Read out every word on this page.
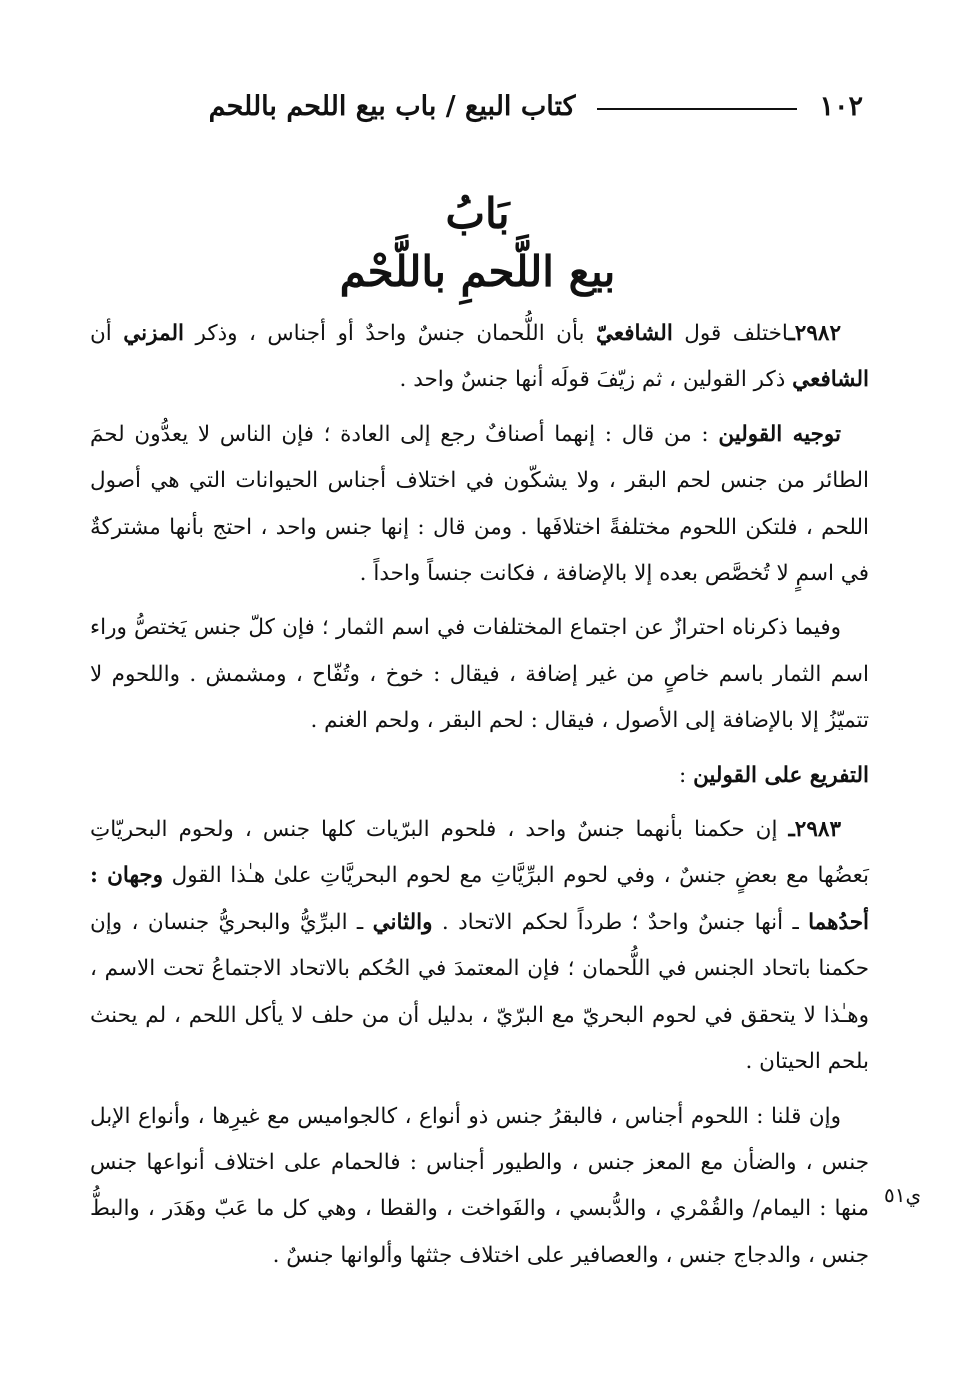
١٠٢
كتاب البيع / باب بيع اللحم باللحم
بَابُ
بيع اللَّحمِ باللَّحْم

٢٩٨٢ـاختلف قول الشافعيّ بأن اللُّحمان جنسٌ واحدٌ أو أجناس ، وذكر المزني أن الشافعي ذكر القولين ، ثم زيّفَ قولَه أنها جنسٌ واحد .

توجيه القولين : من قال : إنهما أصنافٌ رجع إلى العادة ؛ فإن الناس لا يعدُّون لحمَ الطائر من جنس لحم البقر ، ولا يشكّون في اختلاف أجناس الحيوانات التي هي أصول اللحم ، فلتكن اللحوم مختلفةً اختلافَها . ومن قال : إنها جنس واحد ، احتج بأنها مشتركةٌ في اسمٍ لا تُخصَّص بعده إلا بالإضافة ، فكانت جنساً واحداً .

وفيما ذكرناه احترازٌ عن اجتماع المختلفات في اسم الثمار ؛ فإن كلّ جنس يَختصُّ وراء اسم الثمار باسم خاصٍ من غير إضافة ، فيقال : خوخ ، وتُفّاح ، ومشمش . واللحوم لا تتميّزُ إلا بالإضافة إلى الأصول ، فيقال : لحم البقر ، ولحم الغنم .

التفريع على القولين :

٢٩٨٣ـ إن حكمنا بأنهما جنسٌ واحد ، فلحوم البرّيات كلها جنس ، ولحوم البحريّاتِ بَعضُها مع بعضٍ جنسٌ ، وفي لحوم البرِّيَّاتِ مع لحوم البحريَّاتِ علىٰ هـٰذا القول وجهان : أحدُهما ـ أنها جنسٌ واحدٌ ؛ طرداً لحكم الاتحاد . والثاني ـ البرِّيُّ والبحريُّ جنسان ، وإن حكمنا باتحاد الجنس في اللُّحمان ؛ فإن المعتمدَ في الحُكم بالاتحاد الاجتماعُ تحت الاسم ، وهـٰذا لا يتحقق في لحوم البحريّ مع البرّيّ ، بدليل أن من حلف لا يأكل اللحم ، لم يحنث بلحم الحيتان .

وإن قلنا : اللحوم أجناس ، فالبقرُ جنس ذو أنواع ، كالجواميس مع غيرِها ، وأنواع الإبل جنس ، والضأن مع المعز جنس ، والطيور أجناس : فالحمام على اختلاف أنواعها جنس منها : اليمام/ والقُمْري ، والدُّبسي ، والفَواخت ، والقطا ، وهي كل ما عَبّ وهَدَر ، والبطُّ جنس ، والدجاج جنس ، والعصافير على اختلاف جثثها وألوانها جنسٌ .

ي٥١
